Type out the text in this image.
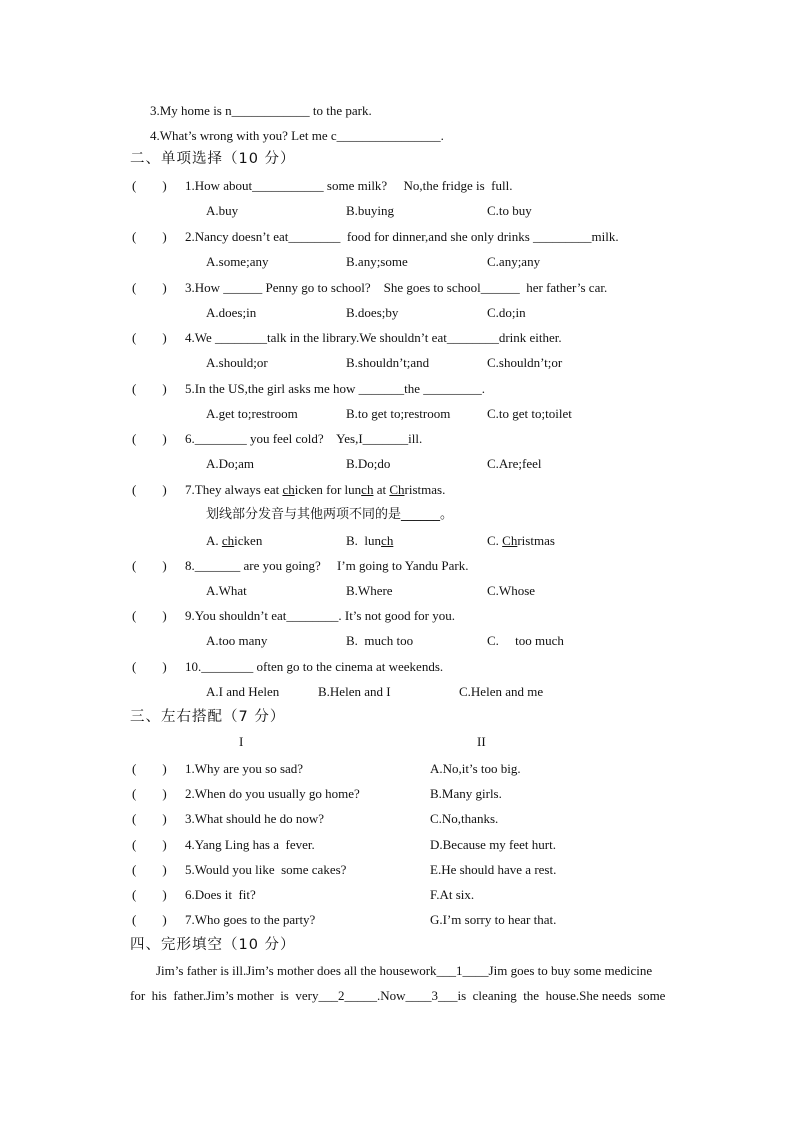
3.My home is n____________ to the park.
4.What’s wrong with you? Let me c________________.
二、单项选择（10 分）
(        ) 1.How about___________ some milk?     No,the fridge is  full.
A.buy	B.buying	C.to buy
(        ) 2.Nancy doesn’t eat________  food for dinner,and she only drinks _________milk.
A.some;any	B.any;some	C.any;any
(        ) 3.How ______ Penny go to school?    She goes to school______  her father’s car.
A.does;in	B.does;by	C.do;in
(        ) 4.We ________talk in the library.We shouldn’t eat________drink either.
A.should;or	B.shouldn’t;and	C.shouldn’t;or
(        ) 5.In the US,the girl asks me how _______the _________.
A.get to;restroom	B.to get to;restroom	C.to get to;toilet
(        ) 6.________ you feel cold?    Yes,I_______ill.
A.Do;am	B.Do;do	C.Are;feel
(        ) 7.They always eat chicken for lunch at Christmas.
划线部分发音与其他两项不同的是______。
A. chicken	B.  lunch	C. Christmas
(        ) 8._______ are you going?     I’m going to Yandu Park.
A.What	B.Where	C.Whose
(        ) 9.You shouldn’t eat________. It’s not good for you.
A.too many	B.  much too	C.     too much
(        ) 10.________ often go to the cinema at weekends.
A.I and Helen	B.Helen and I	C.Helen and me
三、左右搭配（7 分）
I	II
(        ) 1.Why are you so sad?	A.No,it’s too big.
(        ) 2.When do you usually go home?	B.Many girls.
(        ) 3.What should he do now?	C.No,thanks.
(        ) 4.Yang Ling has a  fever.	D.Because my feet hurt.
(        ) 5.Would you like  some cakes?	E.He should have a rest.
(        ) 6.Does it  fit?	F.At six.
(        ) 7.Who goes to the party?	G.I’m sorry to hear that.
四、完形填空（10 分）
Jim’s father is ill.Jim’s mother does all the housework___1____Jim goes to buy some medicine
for  his  father.Jim’s mother  is  very___2_____.Now____3___is  cleaning  the  house.She needs  some
